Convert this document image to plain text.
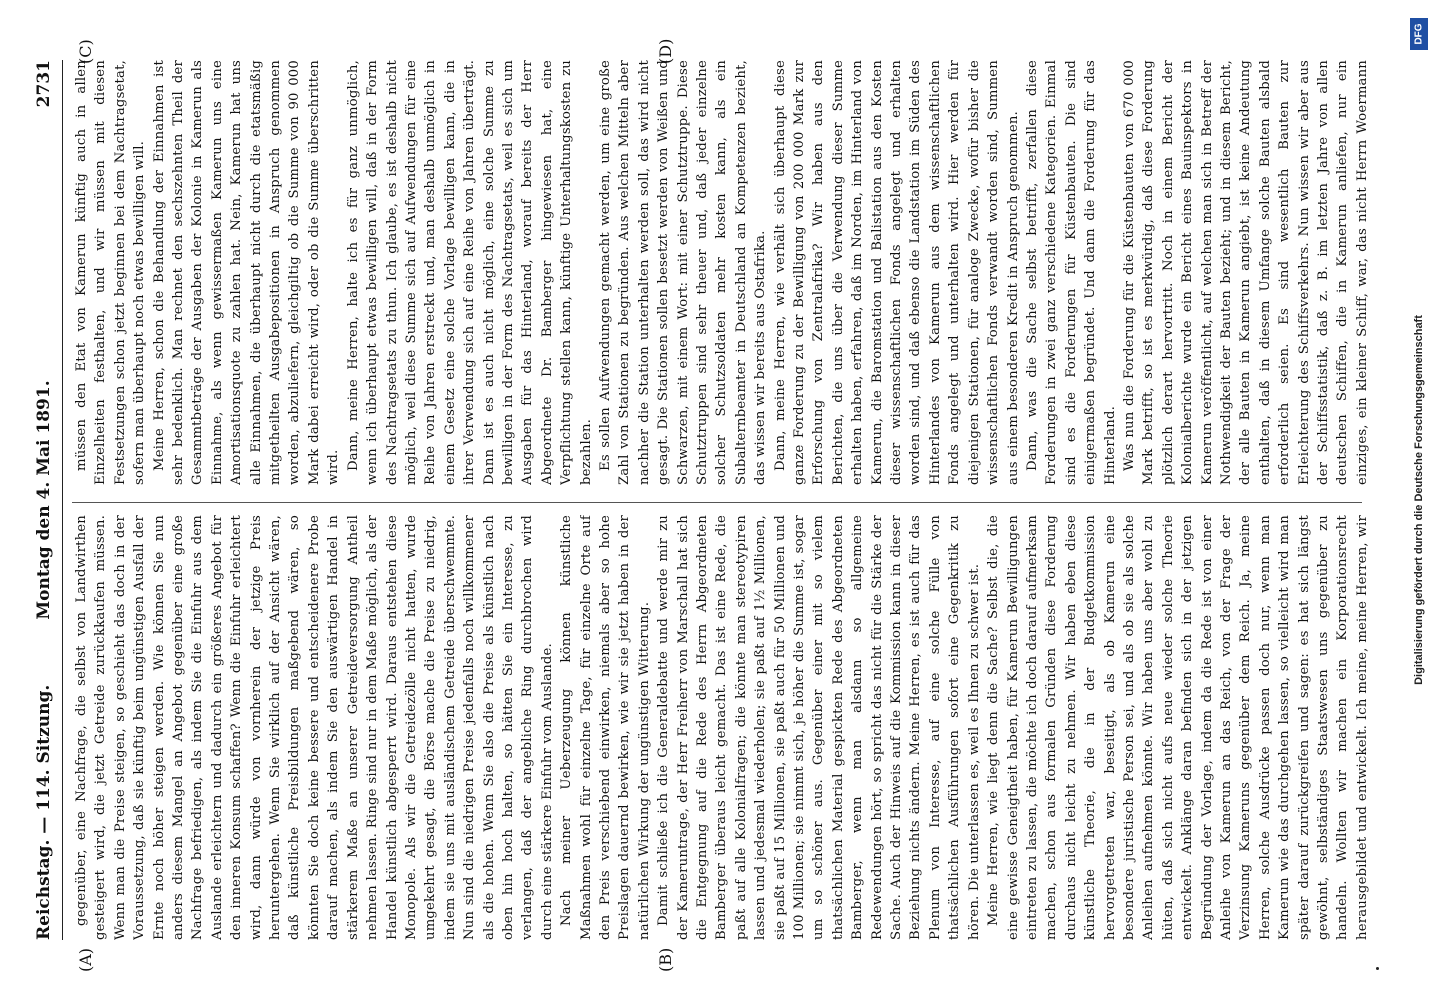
Reichstag. — 114. Sitzung.
Montag den 4. Mai 1891.
2731
(A)	(B)
(C)	(D)

gegenüber, eine Nachfrage, die selbst von Landwirthen gesteigert wird, die jetzt Getreide zurückkaufen müssen. Wenn man die Preise steigen, so geschieht das doch in der Voraussetzung, daß sie künftig beim ungünstigen Ausfall der Ernte noch höher steigen werden. Wie können Sie nun anders diesem Mangel an Angebot gegenüber eine große Nachfrage befriedigen, als indem Sie die Einfuhr aus dem Auslande erleichtern und dadurch ein größeres Angebot für den inneren Konsum schaffen? Wenn die Einfuhr erleichtert wird, dann würde von vornherein der jetzige Preis heruntergehen. Wenn Sie wirklich auf der Ansicht wären, daß künstliche Preisbildungen maßgebend wären, so könnten Sie doch keine bessere und entscheidenere Probe darauf machen, als indem Sie den auswärtigen Handel in stärkerem Maße an unserer Getreideversorgung Antheil nehmen lassen. Ringe sind nur in dem Maße möglich, als der Handel künstlich abgesperrt wird. Daraus entstehen diese Monopole. Als wir die Getreidezölle nicht hatten, wurde umgekehrt gesagt, die Börse mache die Preise zu niedrig, indem sie uns mit ausländischem Getreide überschwemmte. Nun sind die niedrigen Preise jedenfalls noch willkommener als die hohen. Wenn Sie also die Preise als künstlich nach oben hin hoch halten, so hätten Sie ein Interesse, zu verlangen, daß der angebliche Ring durchbrochen wird durch eine stärkere Einfuhr vom Auslande. Nach meiner Ueberzeugung können künstliche Maßnahmen wohl für einzelne Tage, für einzelne Orte auf den Preis verschiebend einwirken, niemals aber so hohe Preislagen dauernd bewirken, wie wir sie jetzt haben in der natürlichen Wirkung der ungünstigen Witterung. Damit schließe ich die Generaldebatte und werde mir zu der Kameruntrage, der Herr Freiherr von Marschall hat sich die Entgegnung auf die Rede des Herrn Abgeordneten Bamberger überaus leicht gemacht. Das ist eine Rede, die paßt auf alle Kolonialfragen; die könnte man stereotypiren lassen und jedesmal wiederholen; sie paßt auf 1½ Millionen, sie paßt auf 15 Millionen, sie paßt auch für 50 Millionen und 100 Millionen; sie nimmt sich, je höher die Summe ist, sogar um so schöner aus. Gegenüber einer mit so vielem thatsächlichen Material gespickten Rede des Abgeordneten Bamberger, wenn man alsdann so allgemeine Redewendungen hört, so spricht das nicht für die Stärke der Sache. Auch der Hinweis auf die Kommission kann in dieser Beziehung nichts ändern. Meine Herren, es ist auch für das Plenum von Interesse, auf eine solche Fülle von thatsächlichen Ausführungen sofort eine Gegenkritik zu hören. Die unterlassen es, weil es Ihnen zu schwer ist. Meine Herren, wie liegt denn die Sache? Selbst die, die eine gewisse Geneigtheit haben, für Kamerun Bewilligungen eintreten zu lassen, die möchte ich doch darauf aufmerksam machen, schon aus formalen Gründen diese Forderung durchaus nicht leicht zu nehmen. Wir haben eben diese künstliche Theorie, die in der Budgetkommission hervorgetreten war, beseitigt, als ob Kamerun eine besondere juristische Person sei, und als ob sie als solche Anleihen aufnehmen könnte. Wir haben uns aber wohl zu hüten, daß sich nicht aufs neue wieder solche Theorie entwickelt. Anklänge daran befinden sich in der jetzigen Begründung der Vorlage, indem da die Rede ist von einer Anleihe von Kamerun an das Reich, von der Frage der Verzinsung Kameruns gegenüber dem Reich. Ja, meine Herren, solche Ausdrücke passen doch nur, wenn man Kamerun wie das durchgehen lassen, so vielleicht wird man später darauf zurückgreifen und sagen: es hat sich längst gewöhnt, selbständiges Staatswesen uns gegenüber zu handeln. Wollten wir machen ein Korporationsrecht herausgebildet und entwickelt. Ich meine, meine Herren, wir

müssen den Etat von Kamerun künftig auch in allen Einzelheiten festhalten, und wir müssen mit diesen Festsetzungen schon jetzt beginnen bei dem Nachtragsetat, sofern man überhaupt noch etwas bewilligen will. Meine Herren, schon die Behandlung der Einnahmen ist sehr bedenklich. Man rechnet den sechszehnten Theil der Gesammtbeträge der Ausgaben der Kolonie in Kamerun als Einnahme, als wenn gewissermaßen Kamerun uns eine Amortisationsquote zu zahlen hat. Nein, Kamerun hat uns alle Einnahmen, die überhaupt nicht durch die etatsmäßig mitgetheilten Ausgabepositionen in Anspruch genommen worden, abzuliefern, gleichgiltig ob die Summe von 90 000 Mark dabei erreicht wird, oder ob die Summe überschritten wird. Dann, meine Herren, halte ich es für ganz unmöglich, wenn ich überhaupt etwas bewilligen will, daß in der Form des Nachtragsetats zu thun. Ich glaube, es ist deshalb nicht möglich, weil diese Summe sich auf Aufwendungen für eine Reihe von Jahren erstreckt und, man deshalb unmöglich in einem Gesetz eine solche Vorlage bewilligen kann, die in ihrer Verwendung sich auf eine Reihe von Jahren überträgt. Dann ist es auch nicht möglich, eine solche Summe zu bewilligen in der Form des Nachtragsetats, weil es sich um Ausgaben für das Hinterland, worauf bereits der Herr Abgeordnete Dr. Bamberger hingewiesen hat, eine Verpflichtung stellen kann, künftige Unterhaltungskosten zu bezahlen. Es sollen Aufwendungen gemacht werden, um eine große Zahl von Stationen zu begründen. Aus welchen Mitteln aber nachher die Station unterhalten werden soll, das wird nicht gesagt. Die Stationen sollen besetzt werden von Weißen und Schwarzen, mit einem Wort: mit einer Schutztruppe. Diese Schutztruppen sind sehr theuer und, daß jeder einzelne solcher Schutzsoldaten mehr kosten kann, als ein Subalternbeamter in Deutschland an Kompetenzen bezieht, das wissen wir bereits aus Ostafrika. Dann, meine Herren, wie verhält sich überhaupt diese ganze Forderung zu der Bewilligung von 200 000 Mark zur Erforschung von Zentralafrika? Wir haben aus den Berichten, die uns über die Verwendung dieser Summe erhalten haben, erfahren, daß im Norden, im Hinterland von Kamerun, die Baromstation und Balistation aus den Kosten dieser wissenschaftlichen Fonds angelegt und erhalten worden sind, und daß ebenso die Landstation im Süden des Hinterlandes von Kamerun aus dem wissenschaftlichen Fonds angelegt und unterhalten wird. Hier werden für diejenigen Stationen, für analoge Zwecke, wofür bisher die wissenschaftlichen Fonds verwandt worden sind, Summen aus einem besonderen Kredit in Anspruch genommen. Dann, was die Sache selbst betrifft, zerfallen diese Forderungen in zwei ganz verschiedene Kategorien. Einmal sind es die Forderungen für Küstenbauten. Die sind einigermaßen begründet. Und dann die Forderung für das Hinterland. Was nun die Forderung für die Küstenbauten von 670 000 Mark betrifft, so ist es merkwürdig, daß diese Forderung plötzlich derart hervortritt. Noch in einem Bericht der Kolonialberichte wurde ein Bericht eines Bauinspektors in Kamerun veröffentlicht, auf welchen man sich in Betreff der Nothwendigkeit der Bauten bezieht; und in diesem Bericht, der alle Bauten in Kamerun angiebt, ist keine Andeutung enthalten, daß in diesem Umfange solche Bauten alsbald erforderlich seien. Es sind wesentlich Bauten zur Erleichterung des Schiffsverkehrs. Nun wissen wir aber aus der Schiffsstatistik, daß z. B. im letzten Jahre von allen deutschen Schiffen, die in Kamerun anliefen, nur ein einziges, ein kleiner Schiff, war, das nicht Herrn Woermann

DFG
Digitalisierung gefördert durch die Deutsche Forschungsgemeinschaft
